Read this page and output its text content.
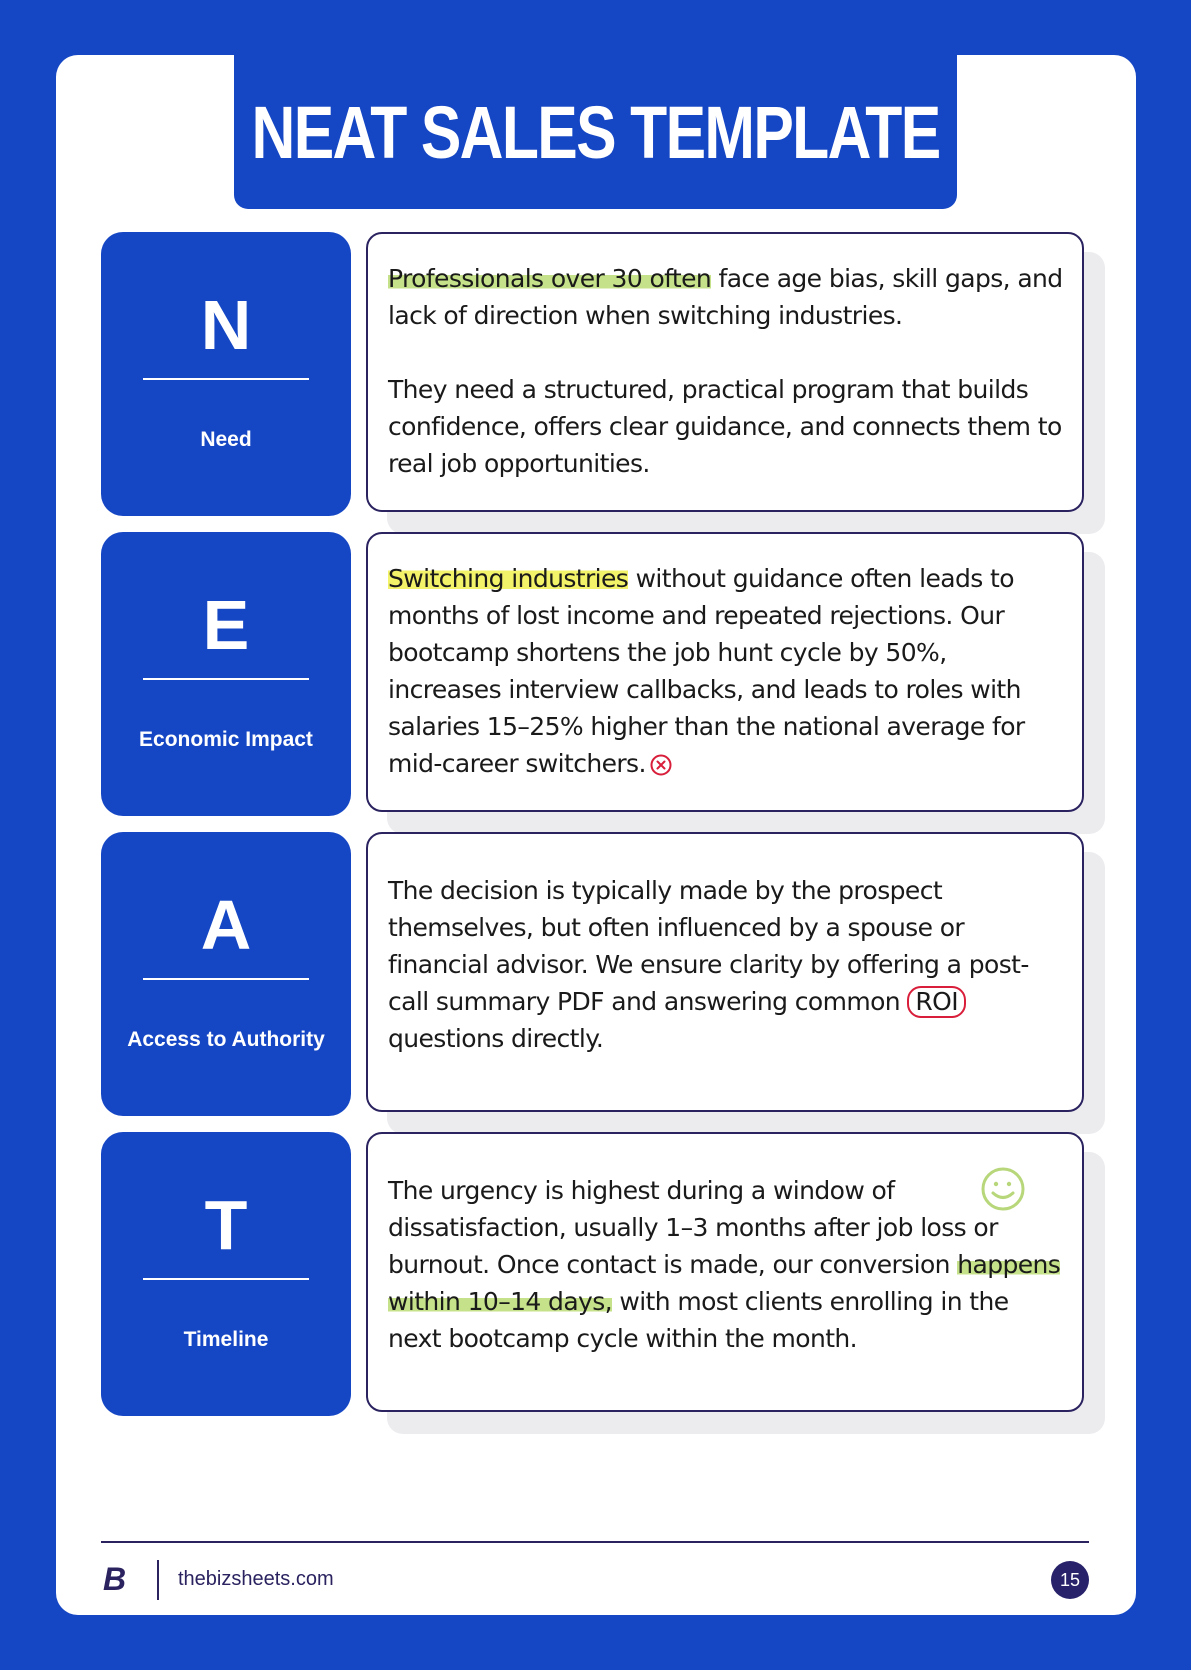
NEAT SALES TEMPLATE
N
Need

Professionals over 30 often face age bias, skill gaps, and lack of direction when switching industries.

They need a structured, practical program that builds confidence, offers clear guidance, and connects them to real job opportunities.

E
Economic Impact

Switching industries without guidance often leads to months of lost income and repeated rejections. Our bootcamp shortens the job hunt cycle by 50%, increases interview callbacks, and leads to roles with salaries 15–25% higher than the national average for mid-career switchers.

A
Access to Authority

The decision is typically made by the prospect themselves, but often influenced by a spouse or financial advisor. We ensure clarity by offering a post-call summary PDF and answering common ROI questions directly.

T
Timeline

The urgency is highest during a window of dissatisfaction, usually 1–3 months after job loss or burnout. Once contact is made, our conversion happens within 10–14 days, with most clients enrolling in the next bootcamp cycle within the month.

B	thebizsheets.com	15
